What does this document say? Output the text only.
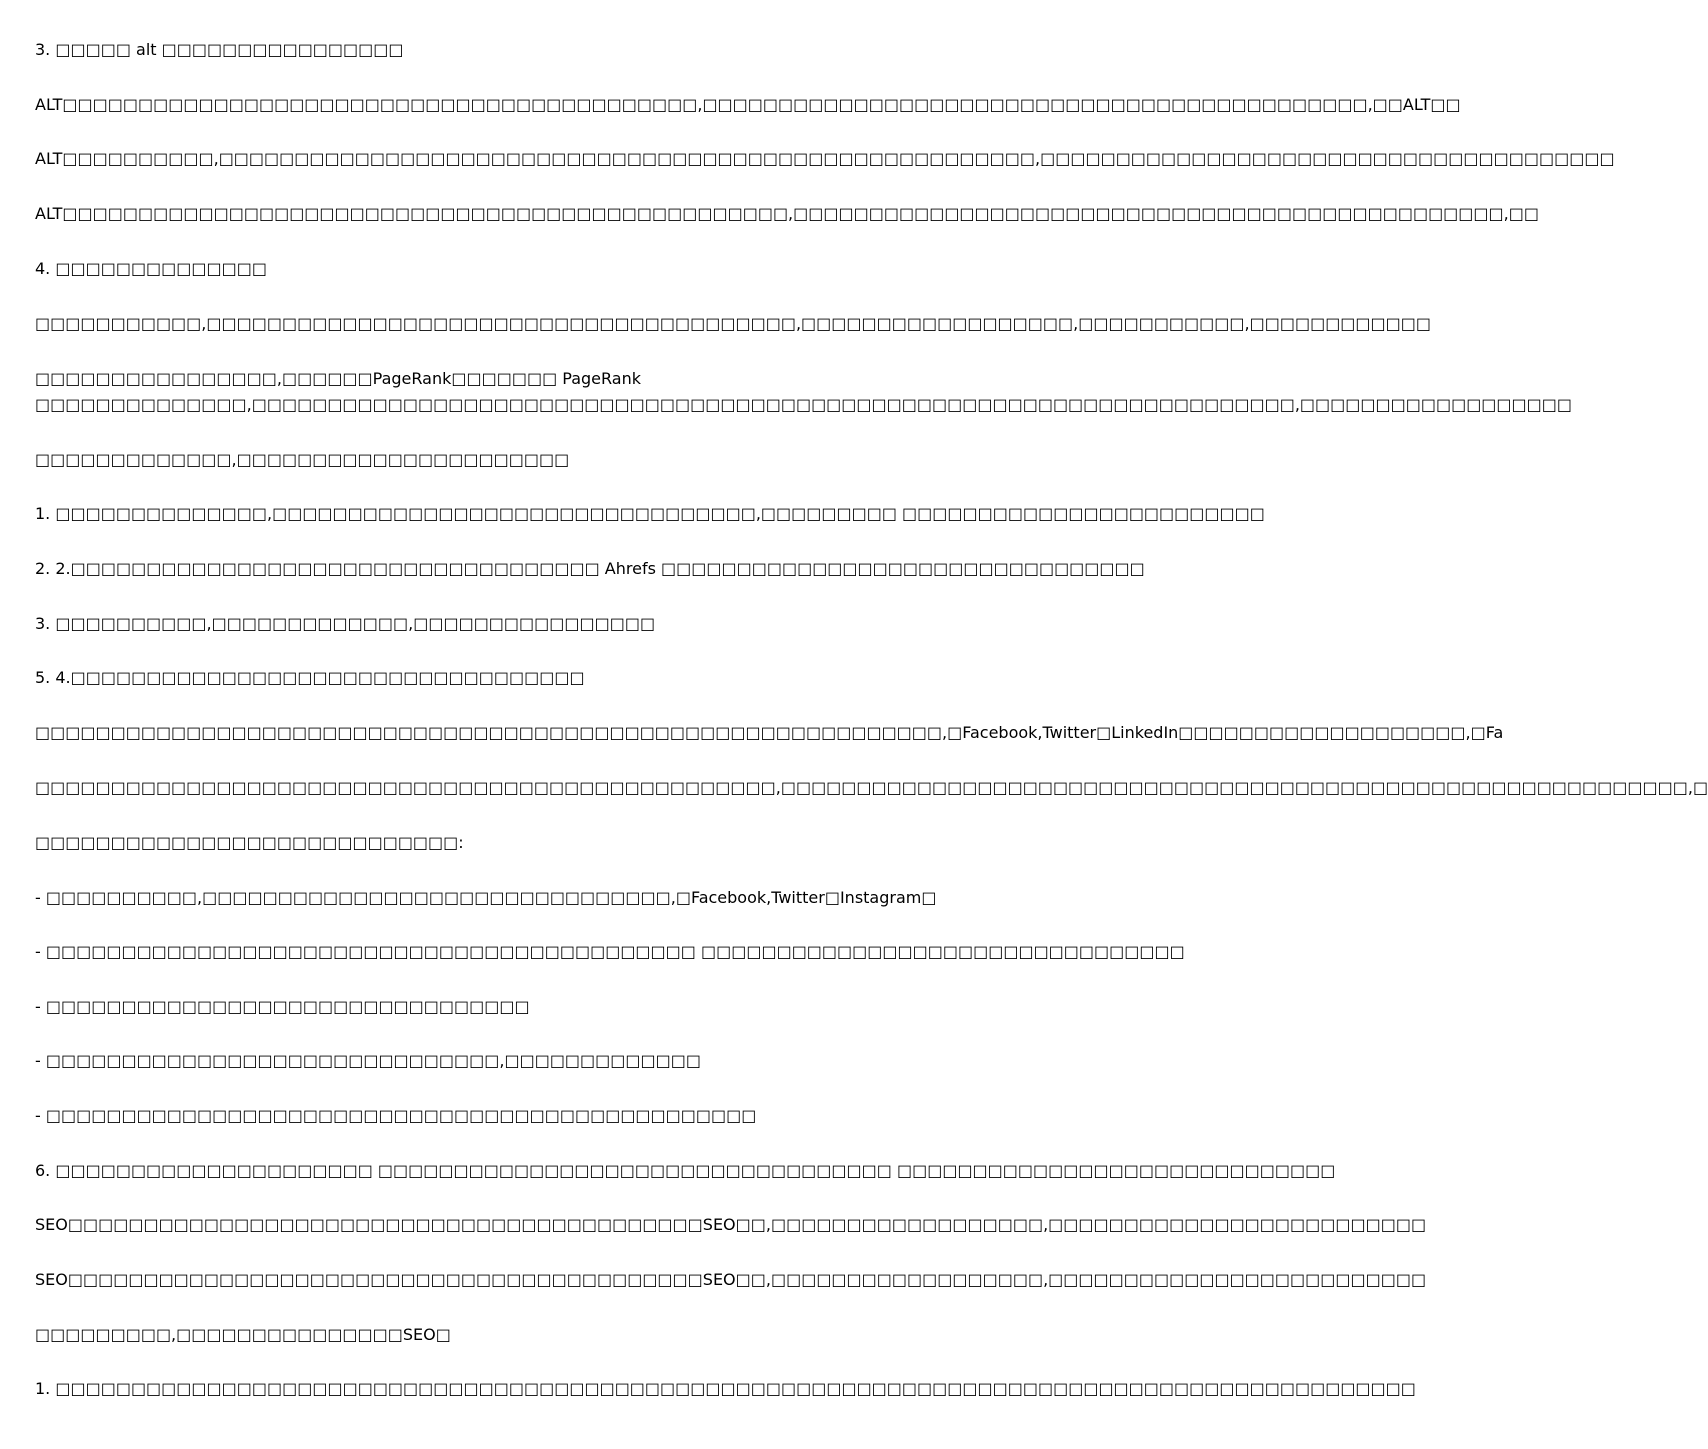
3. □□□□□ alt □□□□□□□□□□□□□□□□
ALT□□□□□□□□□□□□□□□□□□□□□□□□□□□□□□□□□□□□□□□□□□,□□□□□□□□□□□□□□□□□□□□□□□□□□□□□□□□□□□□□□□□□□□□,□□ALT□□
ALT□□□□□□□□□□,□□□□□□□□□□□□□□□□□□□□□□□□□□□□□□□□□□□□□□□□□□□□□□□□□□□□□□,□□□□□□□□□□□□□□□□□□□□□□□□□□□□□□□□□□□□□□
ALT□□□□□□□□□□□□□□□□□□□□□□□□□□□□□□□□□□□□□□□□□□□□□□□□,□□□□□□□□□□□□□□□□□□□□□□□□□□□□□□□□□□□□□□□□□□□□□□□,□□
4. □□□□□□□□□□□□□□
□□□□□□□□□□□,□□□□□□□□□□□□□□□□□□□□□□□□□□□□□□□□□□□□□□□,□□□□□□□□□□□□□□□□□□,□□□□□□□□□□□,□□□□□□□□□□□□
□□□□□□□□□□□□□□□□,□□□□□□PageRank□□□□□□□ PageRank
□□□□□□□□□□□□□□,□□□□□□□□□□□□□□□□□□□□□□□□□□□□□□□□□□□□□□□□□□□□□□□□□□□□□□□□□□□□□□□□□□□□□,□□□□□□□□□□□□□□□□□□
□□□□□□□□□□□□□,□□□□□□□□□□□□□□□□□□□□□□
1. □□□□□□□□□□□□□□,□□□□□□□□□□□□□□□□□□□□□□□□□□□□□□□□,□□□□□□□□□ □□□□□□□□□□□□□□□□□□□□□□□□
2. 2.□□□□□□□□□□□□□□□□□□□□□□□□□□□□□□□□□□□ Ahrefs □□□□□□□□□□□□□□□□□□□□□□□□□□□□□□□□
3. □□□□□□□□□□,□□□□□□□□□□□□□,□□□□□□□□□□□□□□□□
5. 4.□□□□□□□□□□□□□□□□□□□□□□□□□□□□□□□□□□
□□□□□□□□□□□□□□□□□□□□□□□□□□□□□□□□□□□□□□□□□□□□□□□□□□□□□□□□□□□□,□Facebook,Twitter□LinkedIn□□□□□□□□□□□□□□□□□□□,□Fa
□□□□□□□□□□□□□□□□□□□□□□□□□□□□□□□□□□□□□□□□□□□□□□□□□,□□□□□□□□□□□□□□□□□□□□□□□□□□□□□□□□□□□□□□□□□□□□□□□□□□□□□□□□□□□□,□
□□□□□□□□□□□□□□□□□□□□□□□□□□□□:
- □□□□□□□□□□,□□□□□□□□□□□□□□□□□□□□□□□□□□□□□□□,□Facebook,Twitter□Instagram□
- □□□□□□□□□□□□□□□□□□□□□□□□□□□□□□□□□□□□□□□□□□□ □□□□□□□□□□□□□□□□□□□□□□□□□□□□□□□□
- □□□□□□□□□□□□□□□□□□□□□□□□□□□□□□□□
- □□□□□□□□□□□□□□□□□□□□□□□□□□□□□□,□□□□□□□□□□□□□
- □□□□□□□□□□□□□□□□□□□□□□□□□□□□□□□□□□□□□□□□□□□□□□□
6. □□□□□□□□□□□□□□□□□□□□□ □□□□□□□□□□□□□□□□□□□□□□□□□□□□□□□□□□ □□□□□□□□□□□□□□□□□□□□□□□□□□□□□
SEO□□□□□□□□□□□□□□□□□□□□□□□□□□□□□□□□□□□□□□□□□□SEO□□,□□□□□□□□□□□□□□□□□□,□□□□□□□□□□□□□□□□□□□□□□□□□
SEO□□□□□□□□□□□□□□□□□□□□□□□□□□□□□□□□□□□□□□□□□□SEO□□,□□□□□□□□□□□□□□□□□□,□□□□□□□□□□□□□□□□□□□□□□□□□
□□□□□□□□□,□□□□□□□□□□□□□□□SEO□
1. □□□□□□□□□□□□□□□□□□□□□□□□□□□□□□□□□□□□□□□□□□□□□□□□□□□□□□□□□□□□□□□□□□□□□□□□□□□□□□□□□□□□□□□□□□
